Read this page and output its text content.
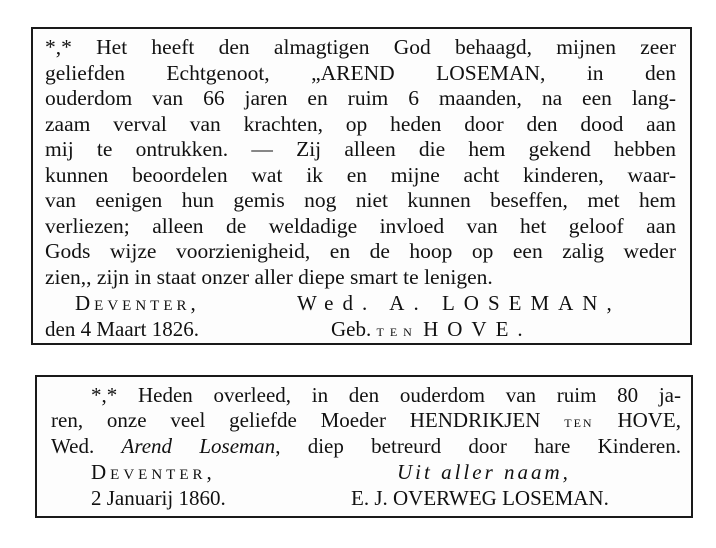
*,* Het heeft den almagtigen God behaagd, mijnen zeer
geliefden Echtgenoot, „AREND LOSEMAN, in den
ouderdom van 66 jaren en ruim 6 maanden, na een lang-
zaam verval van krachten, op heden door den dood aan
mij te ontrukken. — Zij alleen die hem gekend hebben
kunnen beoordelen wat ik en mijne acht kinderen, waar-
van eenigen hun gemis nog niet kunnen beseffen, met hem
verliezen; alleen de weldadige invloed van het geloof aan
Gods wijze voorzienigheid, en de hoop op een zalig weder
zien,, zijn in staat onzer aller diepe smart te lenigen.
Deventer,	Wed. A. LOSEMAN,
den 4 Maart 1826.	Geb. ten HOVE.
*,* Heden overleed, in den ouderdom van ruim 80 ja-
ren, onze veel geliefde Moeder HENDRIKJEN ten HOVE,
Wed. Arend Loseman, diep betreurd door hare Kinderen.
Deventer,	Uit aller naam,
2 Januarij 1860.	E. J. OVERWEG LOSEMAN.
